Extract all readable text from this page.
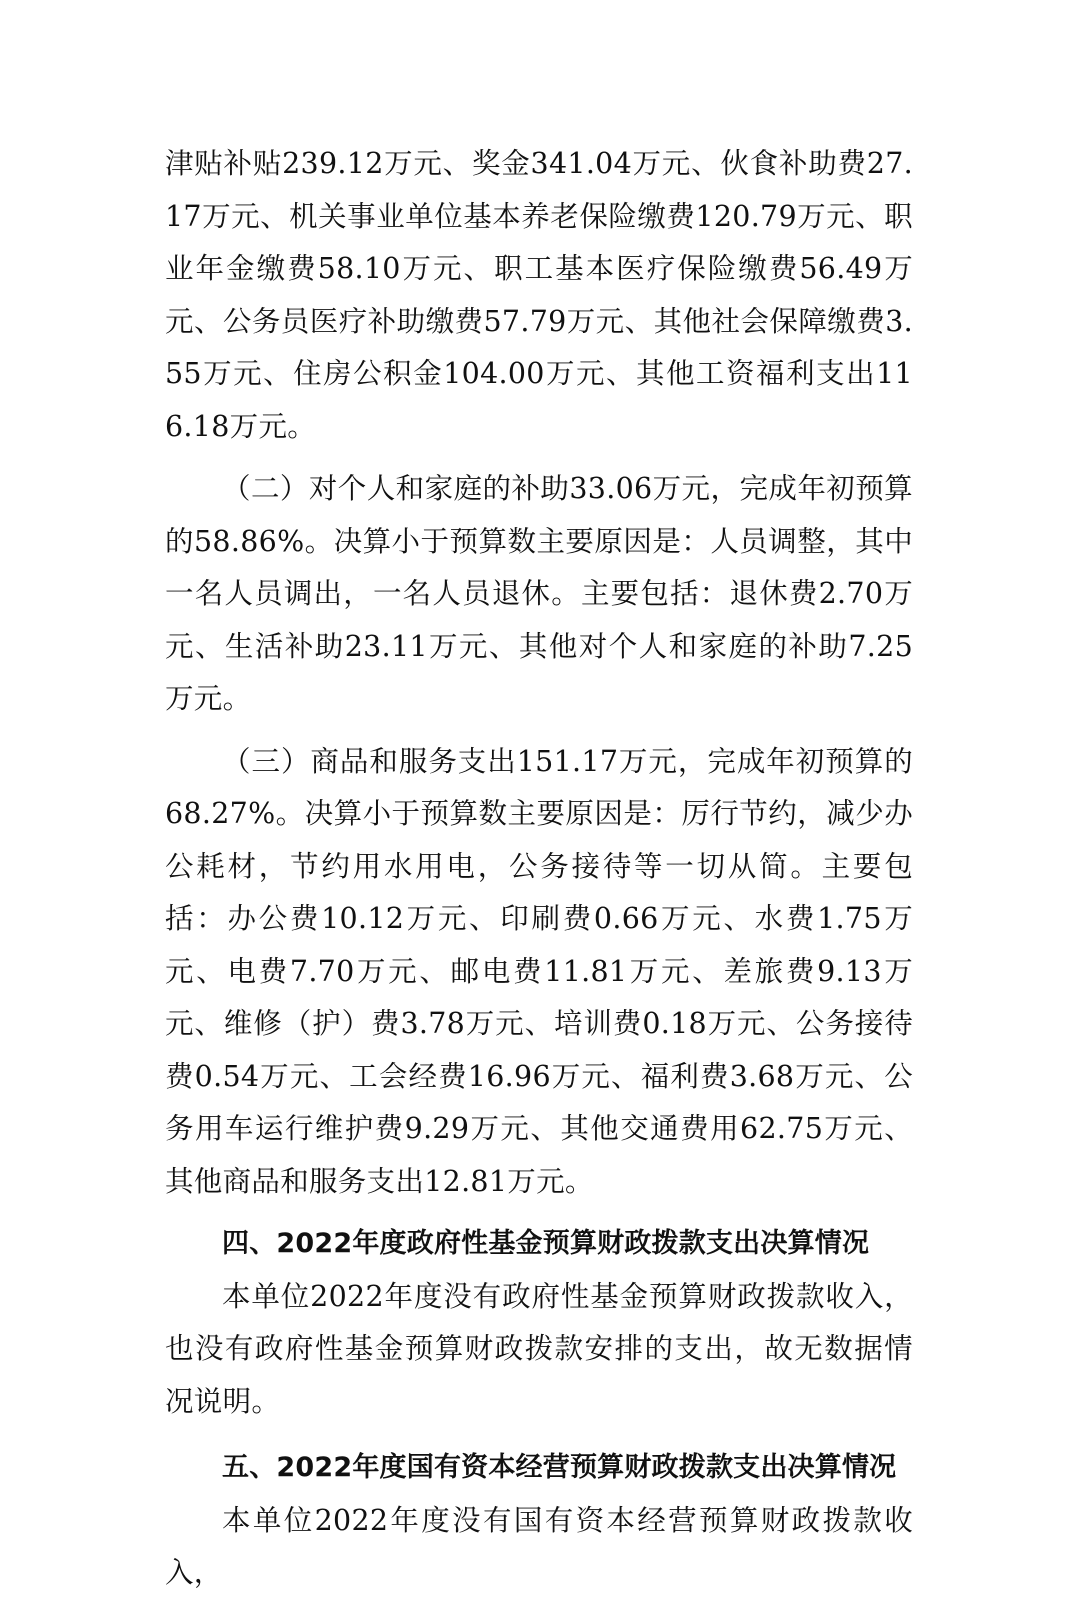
津贴补贴239.12万元、奖金341.04万元、伙食补助费27.17万元、机关事业单位基本养老保险缴费120.79万元、职业年金缴费58.10万元、职工基本医疗保险缴费56.49万元、公务员医疗补助缴费57.79万元、其他社会保障缴费3.55万元、住房公积金104.00万元、其他工资福利支出116.18万元。

（二）对个人和家庭的补助33.06万元，完成年初预算的58.86%。决算小于预算数主要原因是：人员调整，其中一名人员调出，一名人员退休。主要包括：退休费2.70万元、生活补助23.11万元、其他对个人和家庭的补助7.25万元。

（三）商品和服务支出151.17万元，完成年初预算的68.27%。决算小于预算数主要原因是：厉行节约，减少办公耗材，节约用水用电，公务接待等一切从简。主要包括：办公费10.12万元、印刷费0.66万元、水费1.75万元、电费7.70万元、邮电费11.81万元、差旅费9.13万元、维修（护）费3.78万元、培训费0.18万元、公务接待费0.54万元、工会经费16.96万元、福利费3.68万元、公务用车运行维护费9.29万元、其他交通费用62.75万元、其他商品和服务支出12.81万元。

四、2022年度政府性基金预算财政拨款支出决算情况

本单位2022年度没有政府性基金预算财政拨款收入，也没有政府性基金预算财政拨款安排的支出，故无数据情况说明。

五、2022年度国有资本经营预算财政拨款支出决算情况

本单位2022年度没有国有资本经营预算财政拨款收入，
